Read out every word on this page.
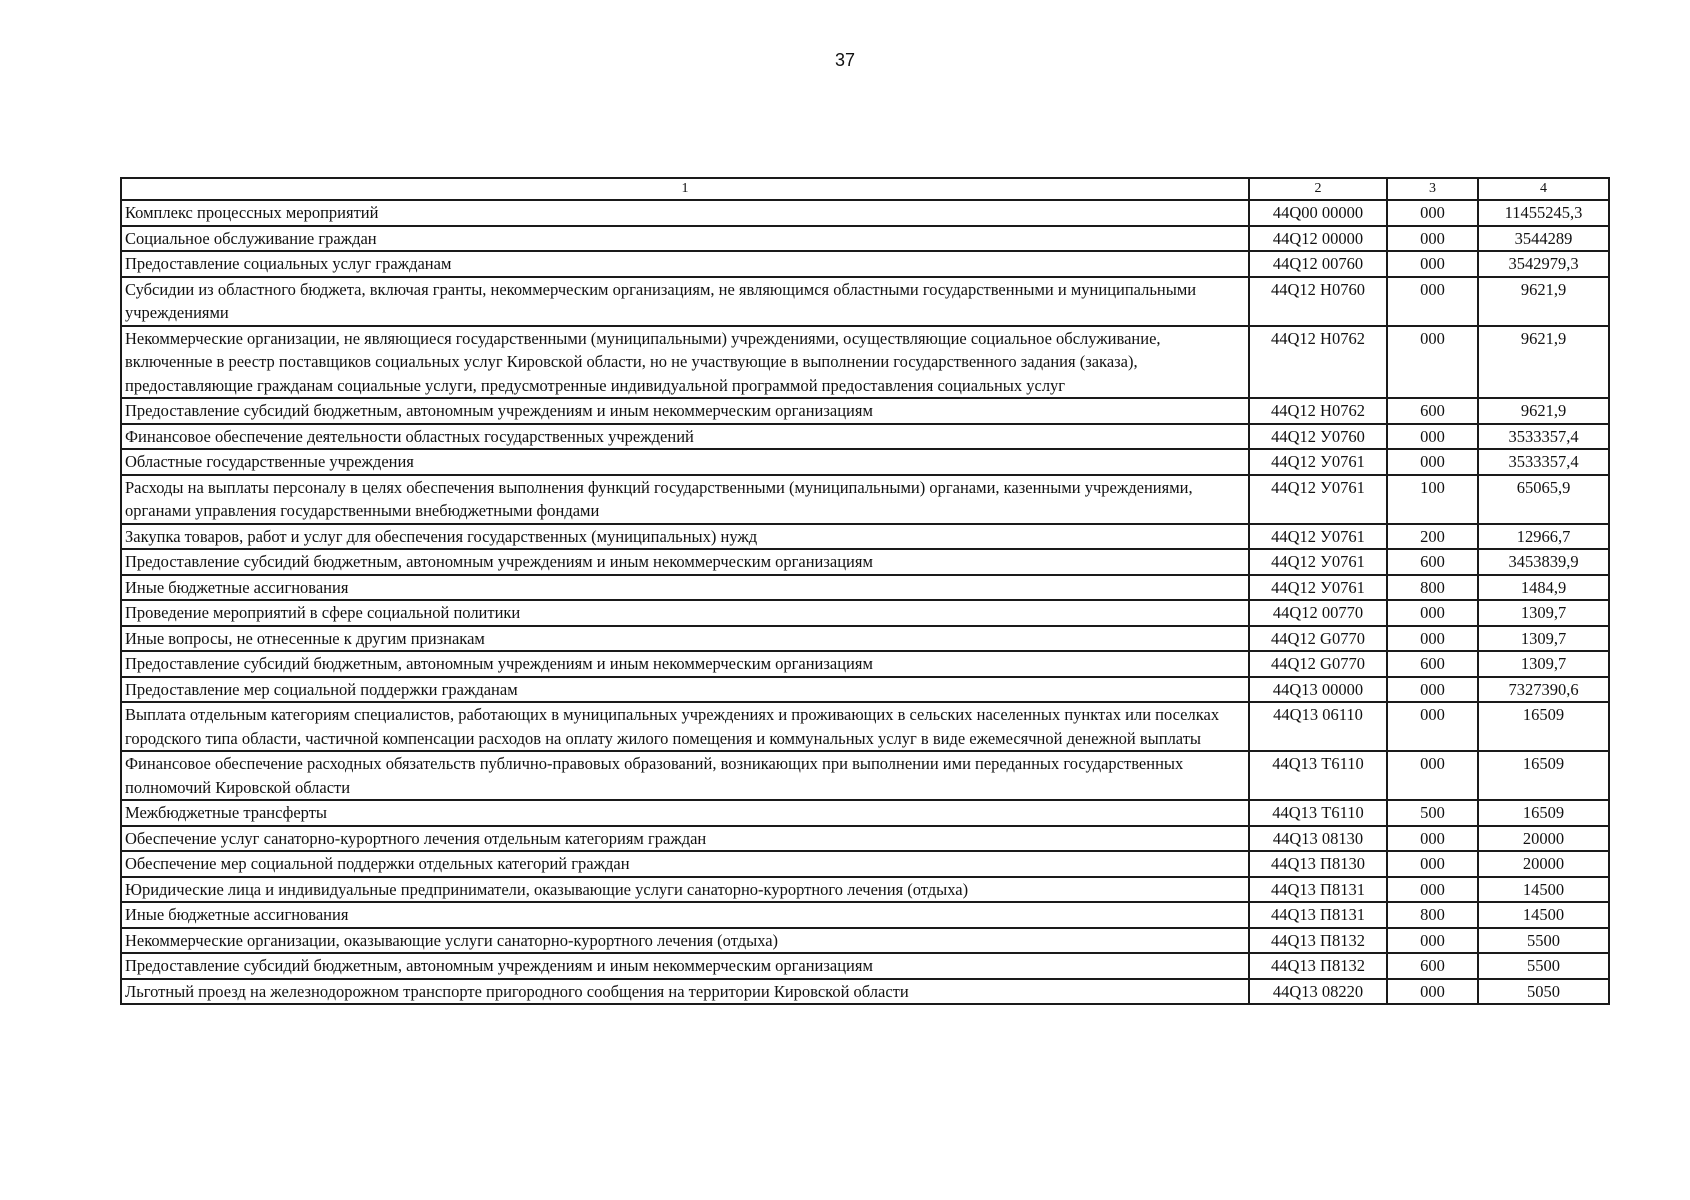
37
1	2	3	4
Комплекс процессных мероприятий	44Q00 00000	000	11455245,3
Социальное обслуживание граждан	44Q12 00000	000	3544289
Предоставление социальных услуг гражданам	44Q12 00760	000	3542979,3
Субсидии из областного бюджета, включая гранты, некоммерческим организациям, не являющимся областными государственными и муниципальными учреждениями	44Q12 H0760	000	9621,9
Некоммерческие организации, не являющиеся государственными (муниципальными) учреждениями, осуществляющие социальное обслуживание, включенные в реестр поставщиков социальных услуг Кировской области, но не участвующие в выполнении государственного задания (заказа), предоставляющие гражданам социальные услуги, предусмотренные индивидуальной программой предоставления социальных услуг	44Q12 H0762	000	9621,9
Предоставление субсидий бюджетным, автономным учреждениям и иным некоммерческим организациям	44Q12 H0762	600	9621,9
Финансовое обеспечение деятельности областных государственных учреждений	44Q12 У0760	000	3533357,4
Областные государственные учреждения	44Q12 У0761	000	3533357,4
Расходы на выплаты персоналу в целях обеспечения выполнения функций государственными (муниципальными) органами, казенными учреждениями, органами управления государственными внебюджетными фондами	44Q12 У0761	100	65065,9
Закупка товаров, работ и услуг для обеспечения государственных (муниципальных) нужд	44Q12 У0761	200	12966,7
Предоставление субсидий бюджетным, автономным учреждениям и иным некоммерческим организациям	44Q12 У0761	600	3453839,9
Иные бюджетные ассигнования	44Q12 У0761	800	1484,9
Проведение мероприятий в сфере социальной политики	44Q12 00770	000	1309,7
Иные вопросы, не отнесенные к другим признакам	44Q12 G0770	000	1309,7
Предоставление субсидий бюджетным, автономным учреждениям и иным некоммерческим организациям	44Q12 G0770	600	1309,7
Предоставление мер социальной поддержки гражданам	44Q13 00000	000	7327390,6
Выплата отдельным категориям специалистов, работающих в муниципальных учреждениях и проживающих в сельских населенных пунктах или поселках городского типа области, частичной компенсации расходов на оплату жилого помещения и коммунальных услуг в виде ежемесячной денежной выплаты	44Q13 06110	000	16509
Финансовое обеспечение расходных обязательств публично-правовых образований, возникающих при выполнении ими переданных государственных полномочий Кировской области	44Q13 Т6110	000	16509
Межбюджетные трансферты	44Q13 Т6110	500	16509
Обеспечение услуг санаторно-курортного лечения отдельным категориям граждан	44Q13 08130	000	20000
Обеспечение мер социальной поддержки отдельных категорий граждан	44Q13 П8130	000	20000
Юридические лица и индивидуальные предприниматели, оказывающие услуги санаторно-курортного лечения (отдыха)	44Q13 П8131	000	14500
Иные бюджетные ассигнования	44Q13 П8131	800	14500
Некоммерческие организации, оказывающие услуги санаторно-курортного лечения (отдыха)	44Q13 П8132	000	5500
Предоставление субсидий бюджетным, автономным учреждениям и иным некоммерческим организациям	44Q13 П8132	600	5500
Льготный проезд на железнодорожном транспорте пригородного сообщения на территории Кировской области	44Q13 08220	000	5050
